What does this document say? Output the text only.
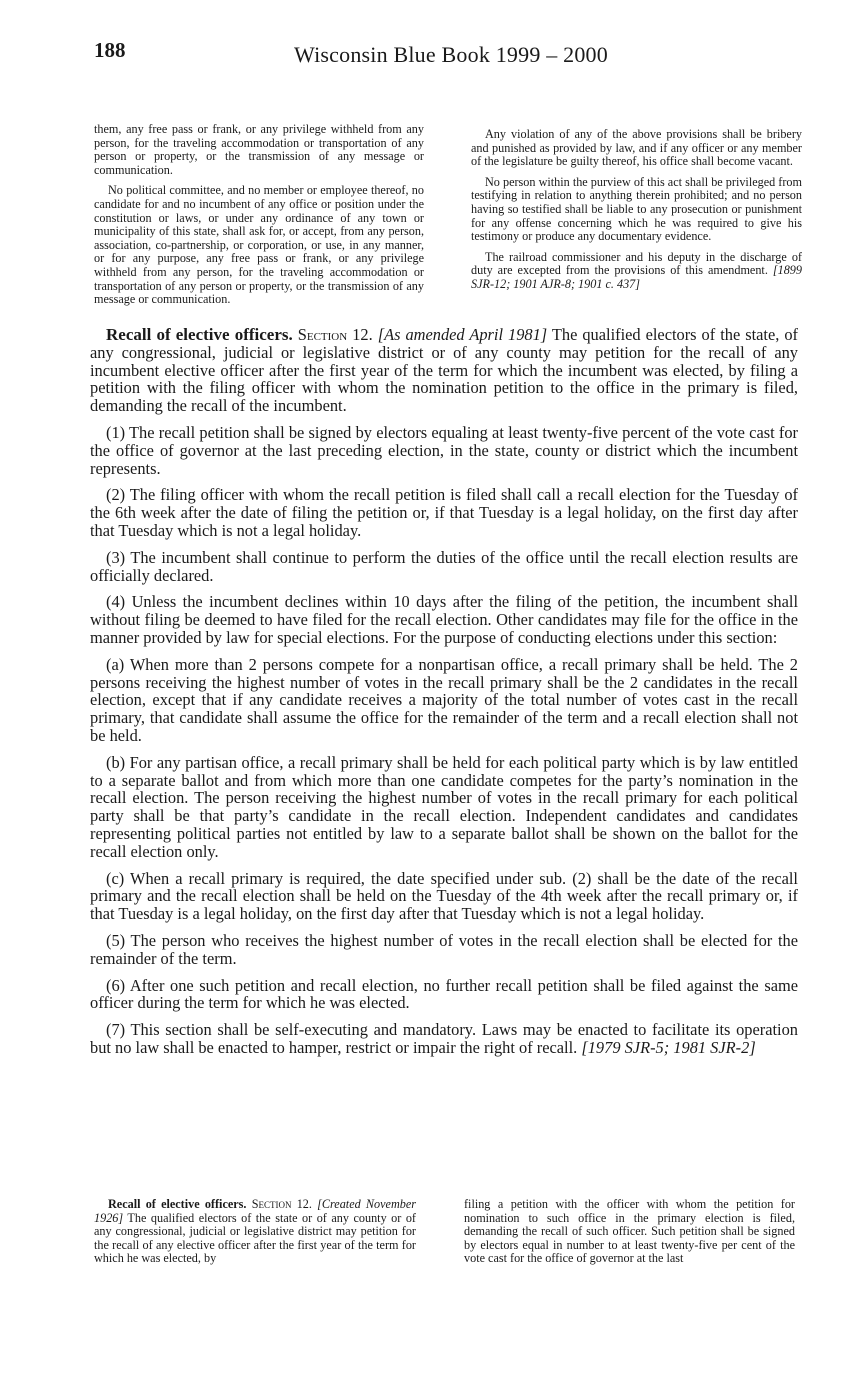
188	Wisconsin Blue Book 1999 – 2000

them, any free pass or frank, or any privilege withheld from any person, for the traveling accommodation or transportation of any person or property, or the transmission of any message or communication.

No political committee, and no member or employee thereof, no candidate for and no incumbent of any office or position under the constitution or laws, or under any ordinance of any town or municipality of this state, shall ask for, or accept, from any person, association, co-partnership, or corporation, or use, in any manner, or for any purpose, any free pass or frank, or any privilege withheld from any person, for the traveling accommodation or transportation of any person or property, or the transmission of any message or communication.

Any violation of any of the above provisions shall be bribery and punished as provided by law, and if any officer or any member of the legislature be guilty thereof, his office shall become vacant.

No person within the purview of this act shall be privileged from testifying in relation to anything therein prohibited; and no person having so testified shall be liable to any prosecution or punishment for any offense concerning which he was required to give his testimony or produce any documentary evidence.

The railroad commissioner and his deputy in the discharge of duty are excepted from the provisions of this amendment. [1899 SJR-12; 1901 AJR-8; 1901 c. 437]

Recall of elective officers. Section 12. [As amended April 1981] The qualified electors of the state, of any congressional, judicial or legislative district or of any county may petition for the recall of any incumbent elective officer after the first year of the term for which the incumbent was elected, by filing a petition with the filing officer with whom the nomination petition to the office in the primary is filed, demanding the recall of the incumbent.

(1) The recall petition shall be signed by electors equaling at least twenty-five percent of the vote cast for the office of governor at the last preceding election, in the state, county or district which the incumbent represents.

(2) The filing officer with whom the recall petition is filed shall call a recall election for the Tuesday of the 6th week after the date of filing the petition or, if that Tuesday is a legal holiday, on the first day after that Tuesday which is not a legal holiday.

(3) The incumbent shall continue to perform the duties of the office until the recall election results are officially declared.

(4) Unless the incumbent declines within 10 days after the filing of the petition, the incumbent shall without filing be deemed to have filed for the recall election. Other candidates may file for the office in the manner provided by law for special elections. For the purpose of conducting elections under this section:

(a) When more than 2 persons compete for a nonpartisan office, a recall primary shall be held. The 2 persons receiving the highest number of votes in the recall primary shall be the 2 candidates in the recall election, except that if any candidate receives a majority of the total number of votes cast in the recall primary, that candidate shall assume the office for the remainder of the term and a recall election shall not be held.

(b) For any partisan office, a recall primary shall be held for each political party which is by law entitled to a separate ballot and from which more than one candidate competes for the party’s nomination in the recall election. The person receiving the highest number of votes in the recall primary for each political party shall be that party’s candidate in the recall election. Independent candidates and candidates representing political parties not entitled by law to a separate ballot shall be shown on the ballot for the recall election only.

(c) When a recall primary is required, the date specified under sub. (2) shall be the date of the recall primary and the recall election shall be held on the Tuesday of the 4th week after the recall primary or, if that Tuesday is a legal holiday, on the first day after that Tuesday which is not a legal holiday.

(5) The person who receives the highest number of votes in the recall election shall be elected for the remainder of the term.

(6) After one such petition and recall election, no further recall petition shall be filed against the same officer during the term for which he was elected.

(7) This section shall be self-executing and mandatory. Laws may be enacted to facilitate its operation but no law shall be enacted to hamper, restrict or impair the right of recall. [1979 SJR-5; 1981 SJR-2]

Recall of elective officers. Section 12. [Created November 1926] The qualified electors of the state or of any county or of any congressional, judicial or legislative district may petition for the recall of any elective officer after the first year of the term for which he was elected, by

filing a petition with the officer with whom the petition for nomination to such office in the primary election is filed, demanding the recall of such officer. Such petition shall be signed by electors equal in number to at least twenty-five per cent of the vote cast for the office of governor at the last
